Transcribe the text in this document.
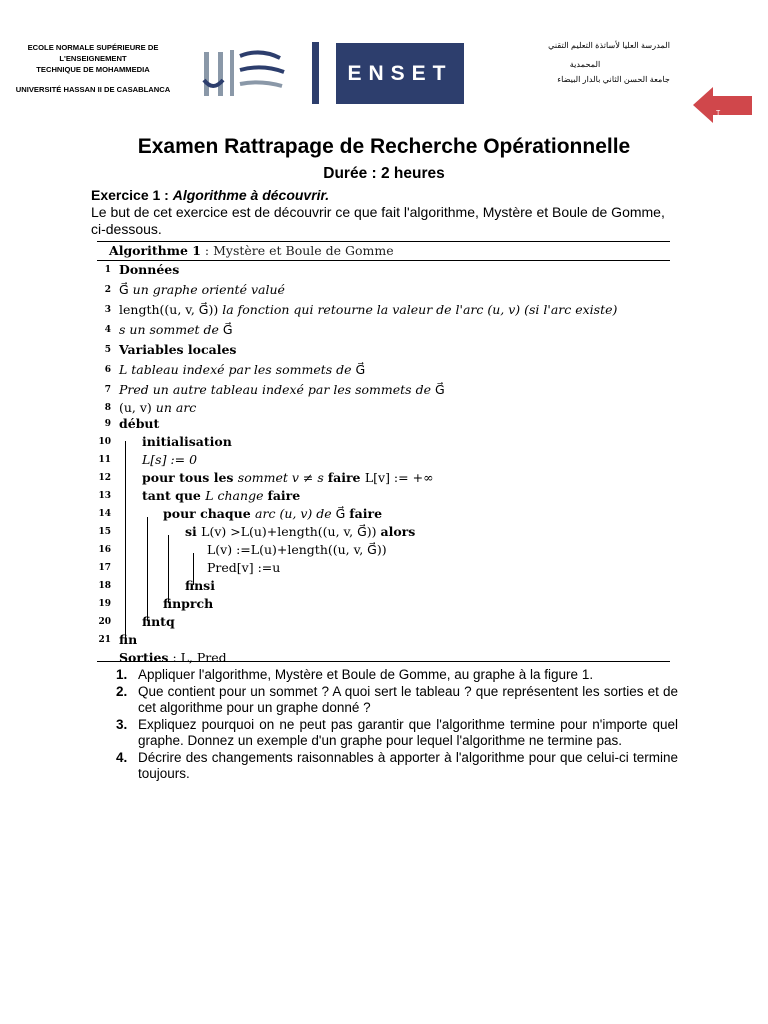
ECOLE NORMALE SUPÉRIEURE DE
L'ENSEIGNEMENT
TECHNIQUE DE MOHAMMEDIA
UNIVERSITÉ HASSAN II DE CASABLANCA
ENSET
المدرسة العليا لأساتذة التعليم التقني
المحمدية
جامعة الحسن الثاني بالدار البيضاء
T
Examen Rattrapage de Recherche Opérationnelle
Durée : 2 heures
Exercice 1 : Algorithme à découvrir.
Le but de cet exercice est de découvrir ce que fait l'algorithme, Mystère et Boule de Gomme, ci-dessous.
Algorithme 1 : Mystère et Boule de Gomme
1 Données
2 G⃗ un graphe orienté valué
3 length((u, v, G⃗)) la fonction qui retourne la valeur de l'arc (u, v) (si l'arc existe)
4 s un sommet de G⃗
5 Variables locales
6 L tableau indexé par les sommets de G⃗
7 Pred un autre tableau indexé par les sommets de G⃗
8 (u, v) un arc
9 début
10 initialisation
11 L[s] := 0
12 pour tous les sommet v ≠ s faire L[v] := +∞
13 tant que L change faire
14	pour chaque arc (u, v) de G⃗ faire
15	si L(v) >L(u)+length((u, v, G⃗)) alors
16	L(v) :=L(u)+length((u, v, G⃗))
17	Pred[v] :=u
18	finsi
19	finprch
20 fintq
21 fin
Sorties : L, Pred
1. Appliquer l'algorithme, Mystère et Boule de Gomme, au graphe à la figure 1.
2. Que contient pour un sommet ? A quoi sert le tableau ? que représentent les sorties et de cet algorithme pour un graphe donné ?
3. Expliquez pourquoi on ne peut pas garantir que l'algorithme termine pour n'importe quel graphe. Donnez un exemple d'un graphe pour lequel l'algorithme ne termine pas.
4. Décrire des changements raisonnables à apporter à l'algorithme pour que celui-ci termine toujours.
